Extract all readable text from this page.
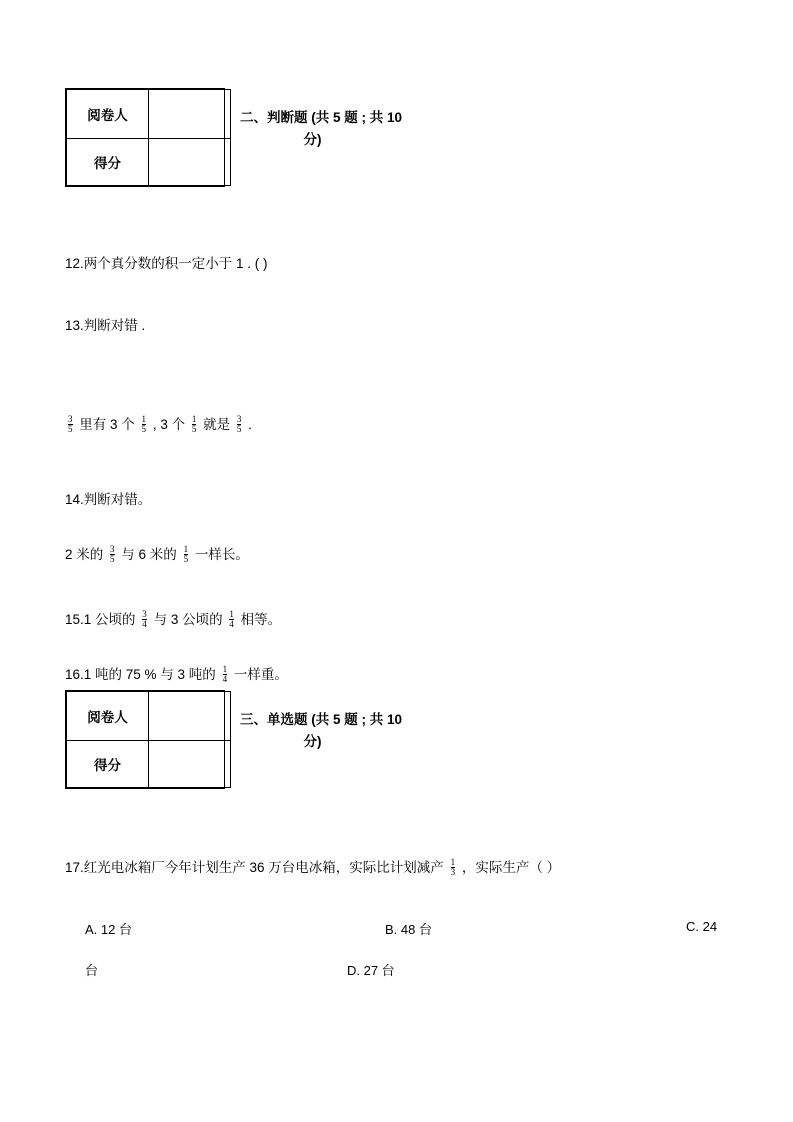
阅卷人	
得分	
二、判断题 (共 5 题 ; 共 10
分)
12.两个真分数的积一定小于 1 . ( )
13.判断对错 .
$\frac{3}{5}$ 里有 3 个 $\frac{1}{5}$ , 3 个 $\frac{1}{5}$ 就是 $\frac{3}{5}$ .
14.判断对错。
2 米的 $\frac{3}{5}$ 与 6 米的 $\frac{1}{5}$ 一样长。
15.1 公顷的 $\frac{3}{4}$ 与 3 公顷的 $\frac{1}{4}$ 相等。
16.1 吨的 75 % 与 3 吨的 $\frac{1}{4}$ 一样重。
阅卷人	
得分	
三、单选题 (共 5 题 ; 共 10
分)
17.红光电冰箱厂今年计划生产 36 万台电冰箱，实际比计划减产 $\frac{1}{3}$ ，实际生产（ ）
A. 12 台	B. 48 台	C. 24
台	D. 27 台
